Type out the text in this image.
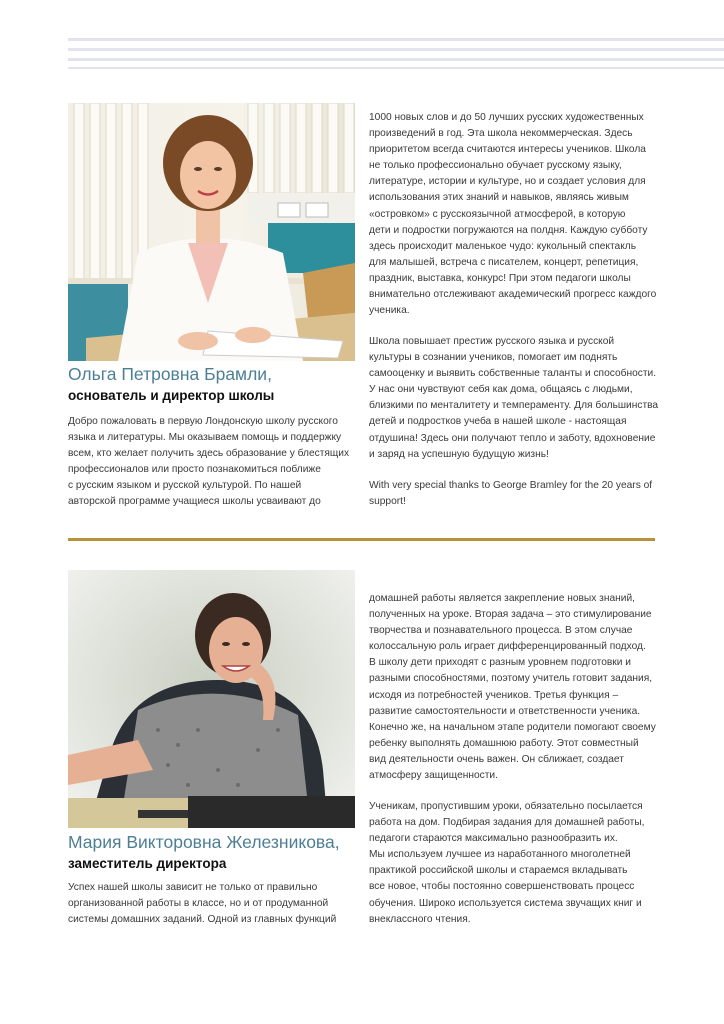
Ольга Петровна Брамли,
основатель и директор школы
Добро пожаловать в первую Лондонскую школу русского
языка и литературы. Мы оказываем помощь и поддержку
всем, кто желает получить здесь образование у блестящих
профессионалов или просто познакомиться поближе
с русским языком и русской культурой. По нашей
авторской программе учащиеся школы усваивают до
1000 новых слов и до 50 лучших русских художественных
произведений в год. Эта школа некоммерческая. Здесь
приоритетом всегда считаются интересы учеников. Школа
не только профессионально обучает русскому языку,
литературе, истории и культуре, но и создает условия для
использования этих знаний и навыков, являясь живым
«островком» с русскоязычной атмосферой, в которую
дети и подростки погружаются на полдня. Каждую субботу
здесь происходит маленькое чудо: кукольный спектакль
для малышей, встреча с писателем, концерт, репетиция,
праздник, выставка, конкурс! При этом педагоги школы
внимательно отслеживают академический прогресс каждого
ученика.
Школа повышает престиж русского языка и русской
культуры в сознании учеников, помогает им поднять
самооценку и выявить собственные таланты и способности.
У нас они чувствуют себя как дома, общаясь с людьми,
близкими по менталитету и темпераменту. Для большинства
детей и подростков учеба в нашей школе - настоящая
отдушина! Здесь они получают тепло и заботу, вдохновение
и заряд на успешную будущую жизнь!
With very special thanks to George Bramley for the 20 years of
support!
Мария Викторовна Железникова,
заместитель директора
Успех нашей школы зависит не только от правильно
организованной работы в классе, но и от продуманной
системы домашних заданий. Одной из главных функций
домашней работы является закрепление новых знаний,
полученных на уроке. Вторая задача – это стимулирование
творчества и познавательного процесса. В этом случае
колоссальную роль играет дифференцированный подход.
В школу дети приходят с разным уровнем подготовки и
разными способностями, поэтому учитель готовит задания,
исходя из потребностей учеников. Третья функция –
развитие самостоятельности и ответственности ученика.
Конечно же, на начальном этапе родители помогают своему
ребенку выполнять домашнюю работу. Этот совместный
вид деятельности очень важен. Он сближает, создает
атмосферу защищенности.
Ученикам, пропустившим уроки, обязательно посылается
работа на дом. Подбирая задания для домашней работы,
педагоги стараются максимально разнообразить их.
Мы используем лучшее из наработанного многолетней
практикой российской школы и стараемся вкладывать
все новое, чтобы постоянно совершенствовать процесс
обучения. Широко используется система звучащих книг и
внеклассного чтения.
